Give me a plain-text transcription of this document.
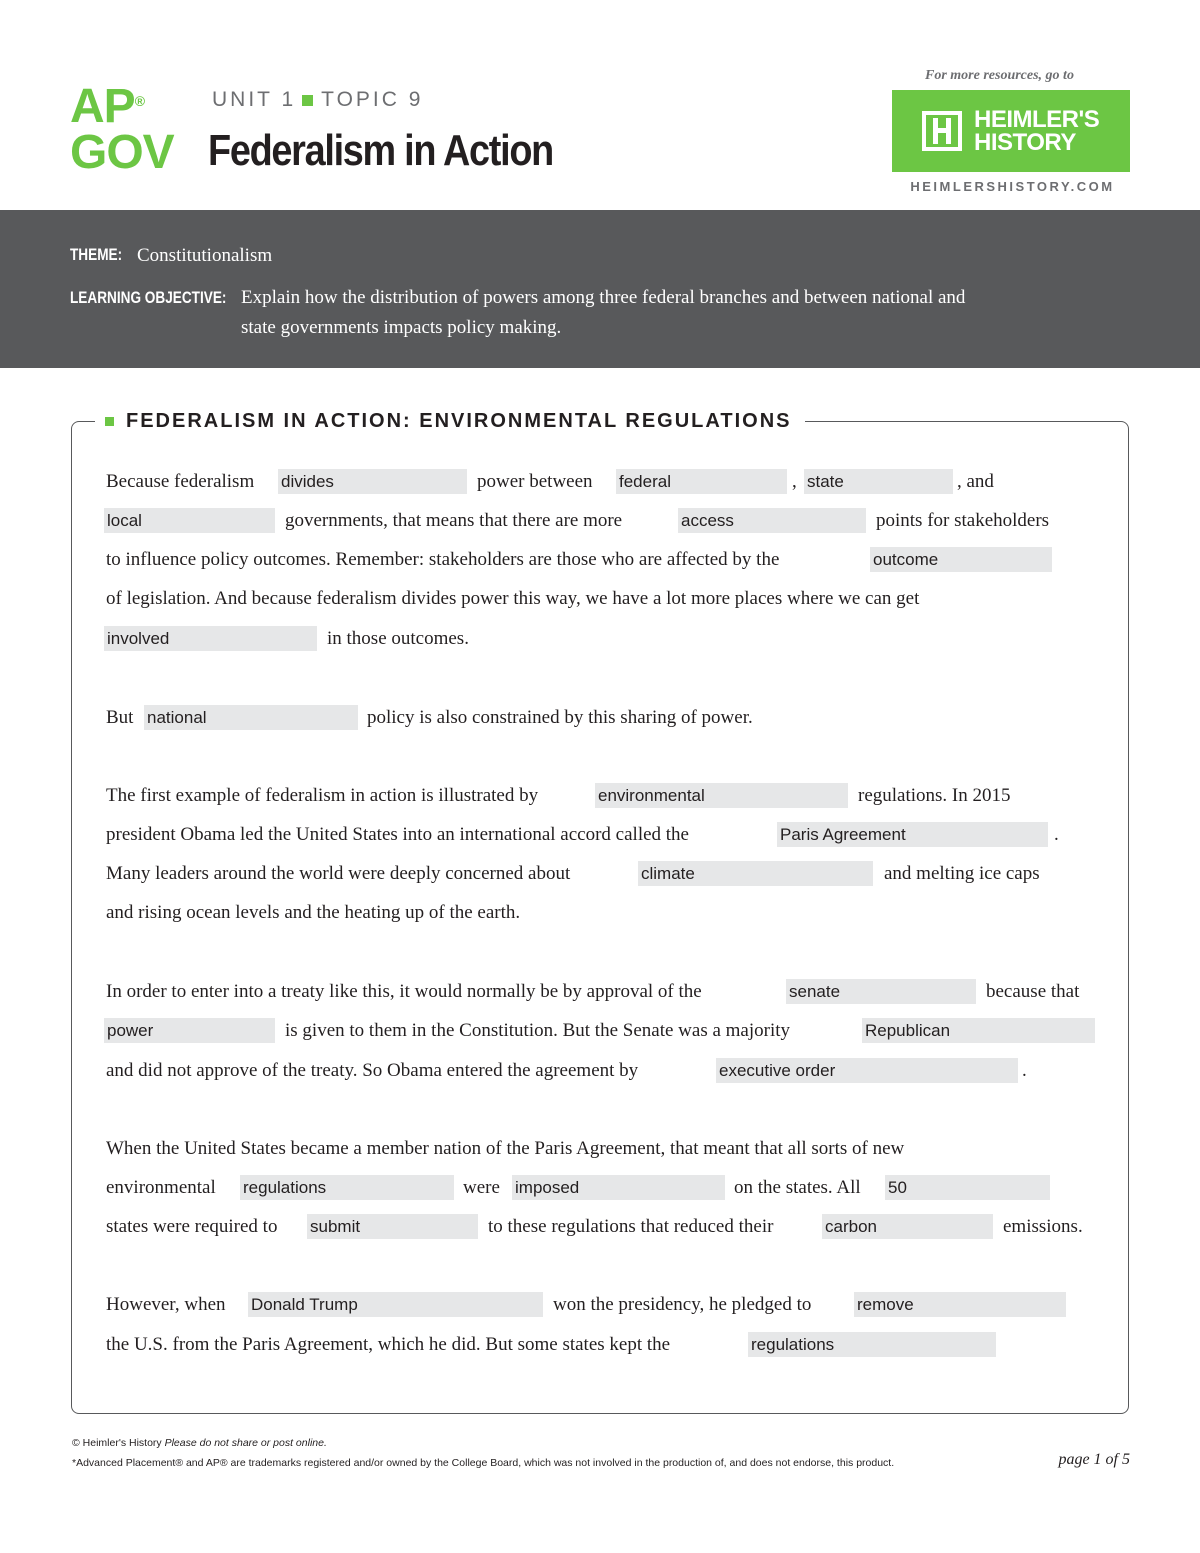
AP®
GOV
UNIT 1 TOPIC 9
Federalism in Action
For more resources, go to
HEIMLER'S
HISTORY
HEIMLERSHISTORY.COM
THEME: Constitutionalism
LEARNING OBJECTIVE: Explain how the distribution of powers among three federal branches and between national and
state governments impacts policy making.
FEDERALISM IN ACTION: ENVIRONMENTAL REGULATIONS
Because federalism divides	power between federal	, state	, and
local	governments, that means that there are more	access	points for stakeholders
to influence policy outcomes. Remember: stakeholders are those who are affected by the	outcome
of legislation. And because federalism divides power this way, we have a lot more places where we can get
involved	in those outcomes.
But national	policy is also constrained by this sharing of power.
The first example of federalism in action is illustrated by	environmental	regulations. In 2015
president Obama led the United States into an international accord called the	Paris Agreement	.
Many leaders around the world were deeply concerned about	climate	and melting ice caps
and rising ocean levels and the heating up of the earth.
In order to enter into a treaty like this, it would normally be by approval of the	senate	because that
power	is given to them in the Constitution. But the Senate was a majority	Republican
and did not approve of the treaty. So Obama entered the agreement by	executive order	.
When the United States became a member nation of the Paris Agreement, that meant that all sorts of new
environmental regulations	were imposed	on the states. All 50
states were required to submit	to these regulations that reduced their	carbon	emissions.
However, when Donald Trump	won the presidency, he pledged to	remove
the U.S. from the Paris Agreement, which he did. But some states kept the	regulations
© Heimler's History Please do not share or post online.
*Advanced Placement® and AP® are trademarks registered and/or owned by the College Board, which was not involved in the production of, and does not endorse, this product.	page 1 of 5
